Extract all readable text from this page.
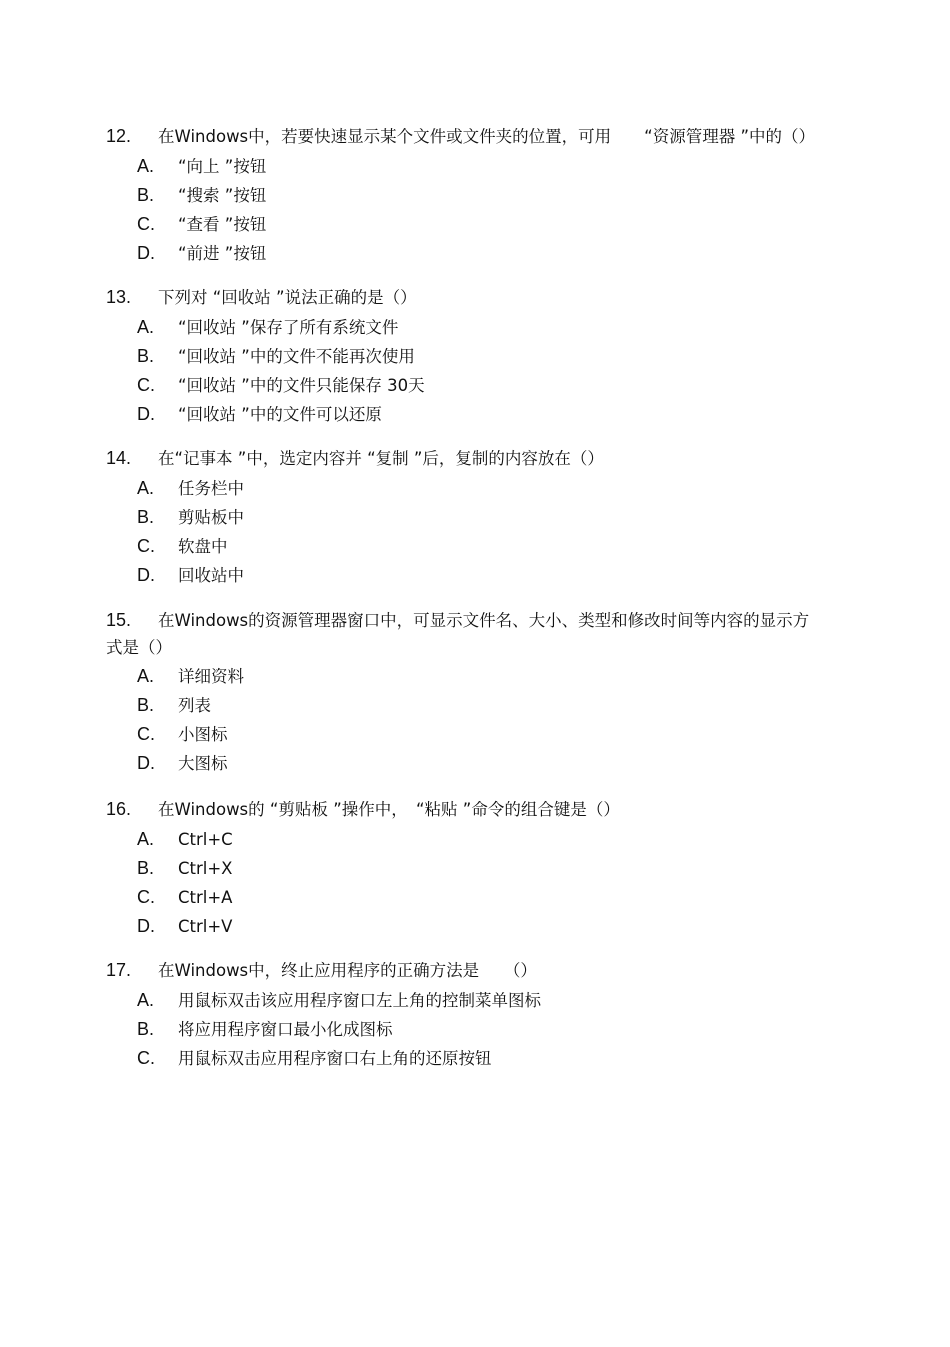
12. 在Windows中，若要快速显示某个文件或文件夹的位置，可用　　“资源管理器 ”中的（）
A. “向上 ”按钮
B. “搜索 ”按钮
C. “查看 ”按钮
D. “前进 ”按钮
13. 下列对 “回收站 ”说法正确的是（）
A. “回收站 ”保存了所有系统文件
B. “回收站 ”中的文件不能再次使用
C. “回收站 ”中的文件只能保存 30天
D. “回收站 ”中的文件可以还原
14. 在“记事本 ”中，选定内容并 “复制 ”后，复制的内容放在（）
A. 任务栏中
B. 剪贴板中
C. 软盘中
D. 回收站中
15. 在Windows的资源管理器窗口中，可显示文件名、大小、类型和修改时间等内容的显示方
式是（）
A. 详细资料
B. 列表
C. 小图标
D. 大图标
16. 在Windows的 “剪贴板 ”操作中，　“粘贴 ”命令的组合键是（）
A. Ctrl+C
B. Ctrl+X
C. Ctrl+A
D. Ctrl+V
17. 在Windows中，终止应用程序的正确方法是　　（）
A. 用鼠标双击该应用程序窗口左上角的控制菜单图标
B. 将应用程序窗口最小化成图标
C. 用鼠标双击应用程序窗口右上角的还原按钮
